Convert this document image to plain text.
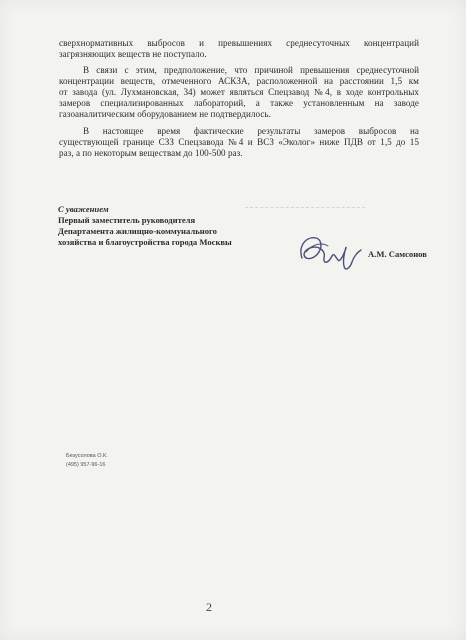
сверхнормативных выбросов и превышениях среднесуточных концентраций
загрязняющих веществ не поступало.
В связи с этим, предположение, что причиной превышения среднесуточной
концентрации веществ, отмеченного АСКЗА, расположенной на расстоянии 1,5 км
от завода (ул. Лухмановская, 34) может являться Спецзавод №4, в ходе контрольных
замеров специализированных лабораторий, а также установленным на заводе
газоаналитическим оборудованием не подтвердилось.
В настоящее время фактические результаты замеров выбросов на
существующей границе СЗЗ Спецзавода №4 и ВСЗ «Эколог» ниже ПДВ от 1,5 до 15
раз, а по некоторым веществам до 100-500 раз.
С уважением
Первый заместитель руководителя
Департамента жилищно-коммунального
хозяйства и благоустройства города Москвы
А.М. Самсонов
Безусолова О.К.
(495) 957-96-16
2
